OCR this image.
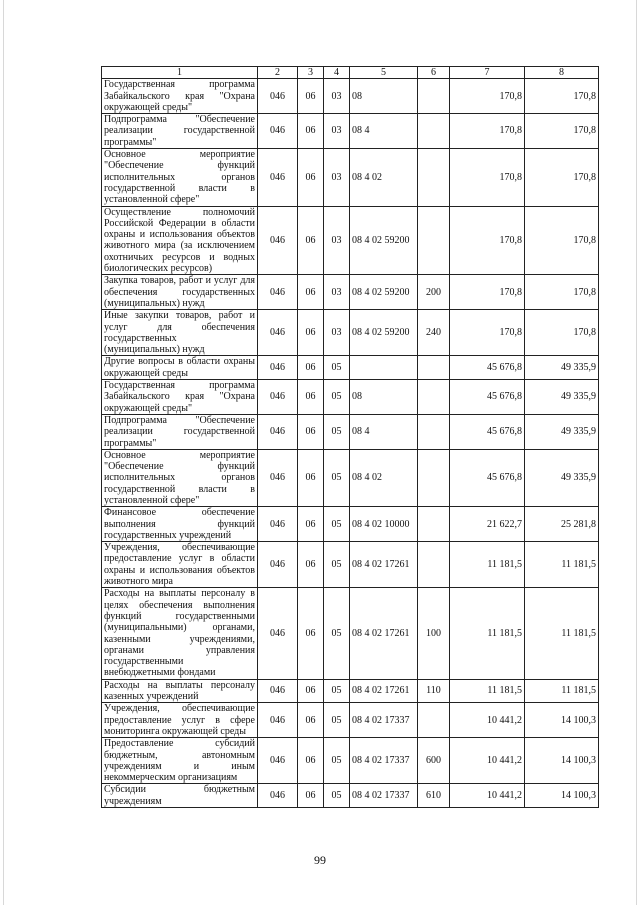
1	2	3	4	5	6	7	8
Государственная программа Забайкальского края "Охрана окружающей среды"	046	06	03	08		170,8	170,8
Подпрограмма "Обеспечение реализации государственной программы"	046	06	03	08 4		170,8	170,8
Основное мероприятие "Обеспечение функций исполнительных органов государственной власти в установленной сфере"	046	06	03	08 4 02		170,8	170,8
Осуществление полномочий Российской Федерации в области охраны и использования объектов животного мира (за исключением охотничьих ресурсов и водных биологических ресурсов)	046	06	03	08 4 02 59200		170,8	170,8
Закупка товаров, работ и услуг для обеспечения государственных (муниципальных) нужд	046	06	03	08 4 02 59200	200	170,8	170,8
Иные закупки товаров, работ и услуг для обеспечения государственных (муниципальных) нужд	046	06	03	08 4 02 59200	240	170,8	170,8
Другие вопросы в области охраны окружающей среды	046	06	05			45 676,8	49 335,9
Государственная программа Забайкальского края "Охрана окружающей среды"	046	06	05	08		45 676,8	49 335,9
Подпрограмма "Обеспечение реализации государственной программы"	046	06	05	08 4		45 676,8	49 335,9
Основное мероприятие "Обеспечение функций исполнительных органов государственной власти в установленной сфере"	046	06	05	08 4 02		45 676,8	49 335,9
Финансовое обеспечение выполнения функций государственных учреждений	046	06	05	08 4 02 10000		21 622,7	25 281,8
Учреждения, обеспечивающие предоставление услуг в области охраны и использования объектов животного мира	046	06	05	08 4 02 17261		11 181,5	11 181,5
Расходы на выплаты персоналу в целях обеспечения выполнения функций государственными (муниципальными) органами, казенными учреждениями, органами управления государственными внебюджетными фондами	046	06	05	08 4 02 17261	100	11 181,5	11 181,5
Расходы на выплаты персоналу казенных учреждений	046	06	05	08 4 02 17261	110	11 181,5	11 181,5
Учреждения, обеспечивающие предоставление услуг в сфере мониторинга окружающей среды	046	06	05	08 4 02 17337		10 441,2	14 100,3
Предоставление субсидий бюджетным, автономным учреждениям и иным некоммерческим организациям	046	06	05	08 4 02 17337	600	10 441,2	14 100,3
Субсидии бюджетным учреждениям	046	06	05	08 4 02 17337	610	10 441,2	14 100,3
99
